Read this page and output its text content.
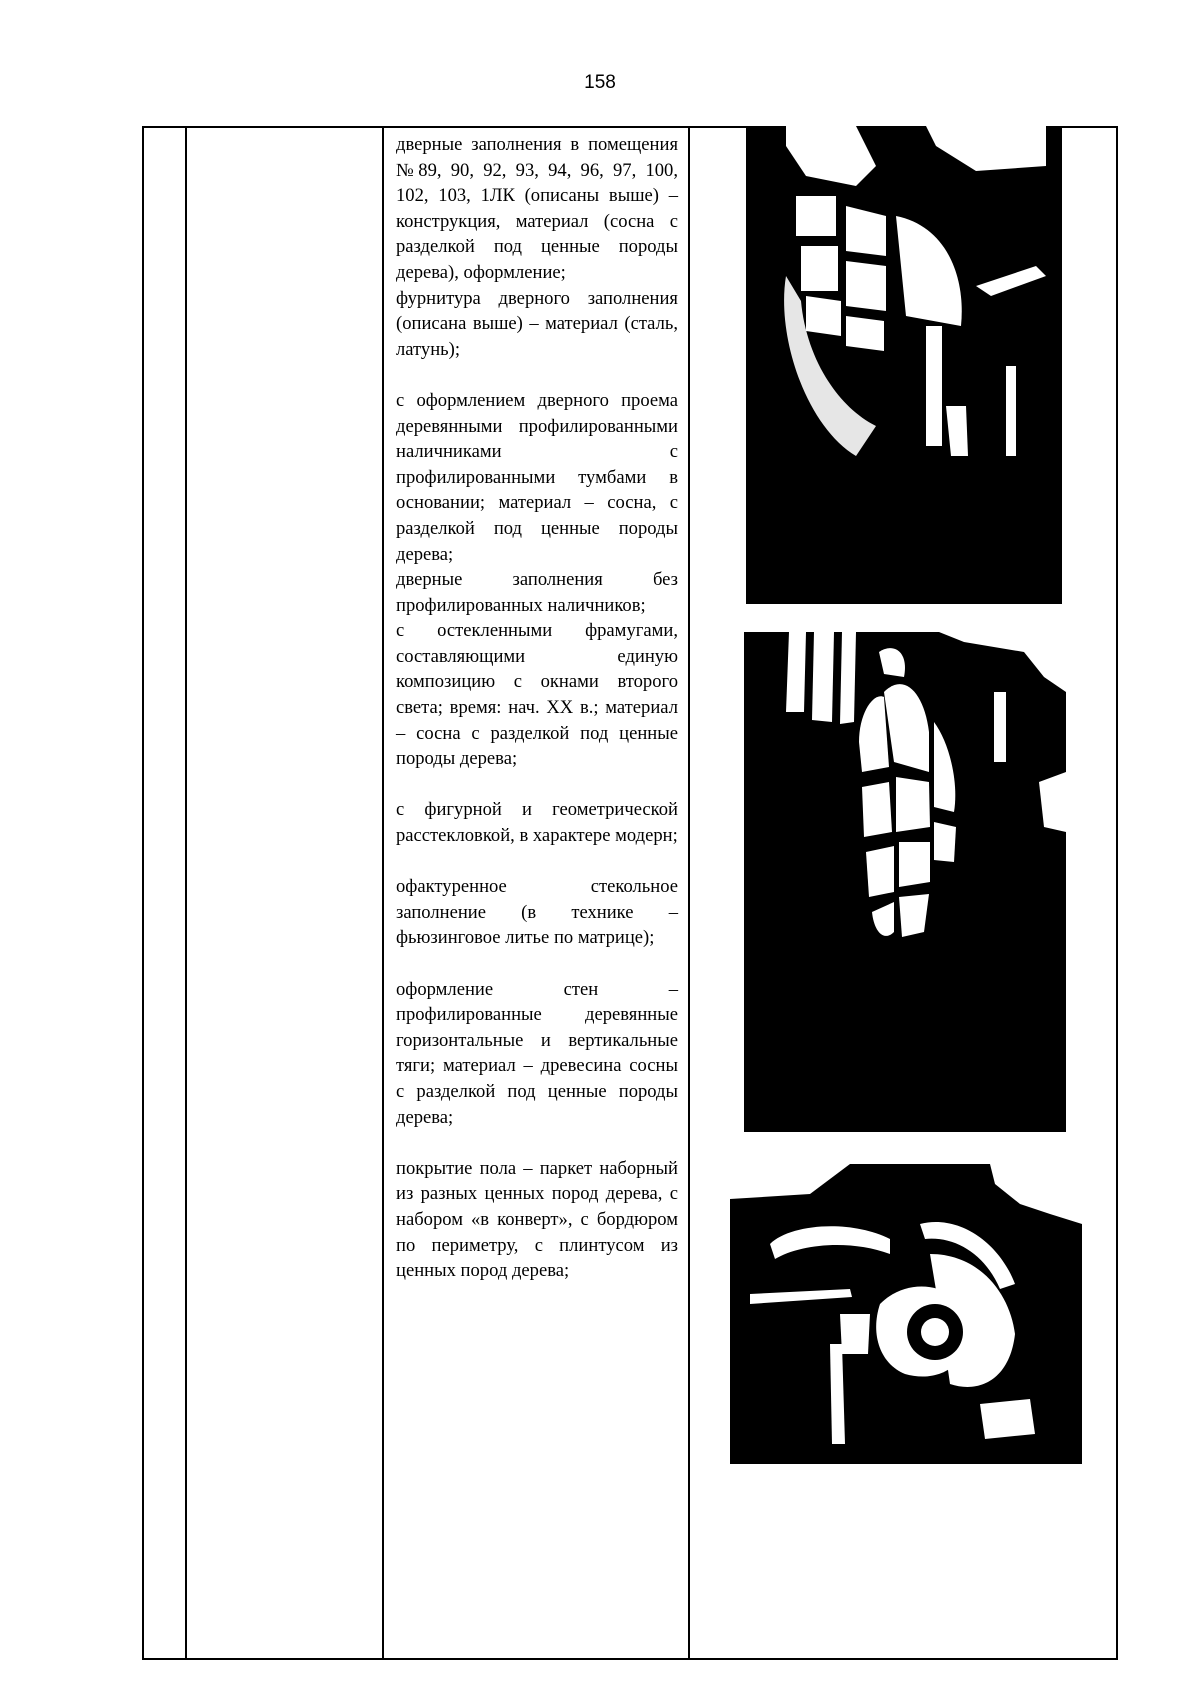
158

дверные заполнения в помещения №89, 90, 92, 93, 94, 96, 97, 100, 102, 103, 1ЛК (описаны выше) – конструкция, материал (сосна с разделкой под ценные породы дерева), оформление;

фурнитура дверного заполнения (описана выше) – материал (сталь, латунь);

с оформлением дверного проема деревянными профилированными наличниками с профилированными тумбами в основании; материал – сосна, с разделкой под ценные породы дерева;

дверные заполнения без профилированных наличников;

с остекленными фрамугами, составляющими единую композицию с окнами второго света; время: нач. XX в.; материал – сосна с разделкой под ценные породы дерева;

с фигурной и геометрической расстекловкой, в характере модерн;

офактуренное стекольное заполнение (в технике – фьюзинговое литье по матрице);

оформление стен – профилированные деревянные горизонтальные и вертикальные тяги; материал – древесина сосны с разделкой под ценные породы дерева;

покрытие пола – паркет наборный из разных ценных пород дерева, с набором «в конверт», с бордюром по периметру, с плинтусом из ценных пород дерева;
